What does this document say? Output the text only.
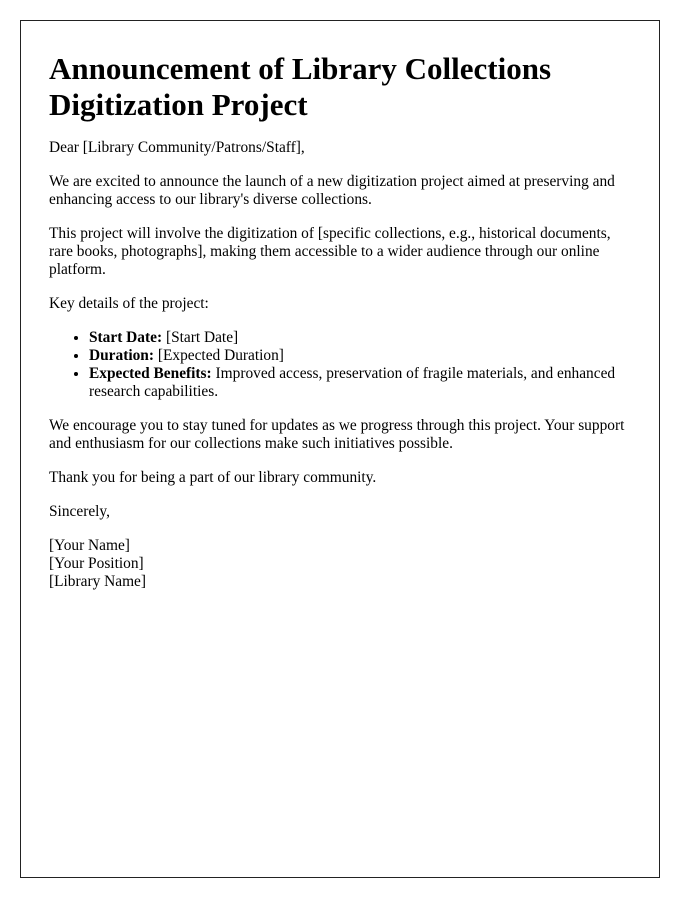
Announcement of Library Collections Digitization Project

Dear [Library Community/Patrons/Staff],

We are excited to announce the launch of a new digitization project aimed at preserving and enhancing access to our library's diverse collections.

This project will involve the digitization of [specific collections, e.g., historical documents, rare books, photographs], making them accessible to a wider audience through our online platform.

Key details of the project:

• Start Date: [Start Date]
• Duration: [Expected Duration]
• Expected Benefits: Improved access, preservation of fragile materials, and enhanced research capabilities.

We encourage you to stay tuned for updates as we progress through this project. Your support and enthusiasm for our collections make such initiatives possible.

Thank you for being a part of our library community.

Sincerely,

[Your Name]
[Your Position]
[Library Name]
